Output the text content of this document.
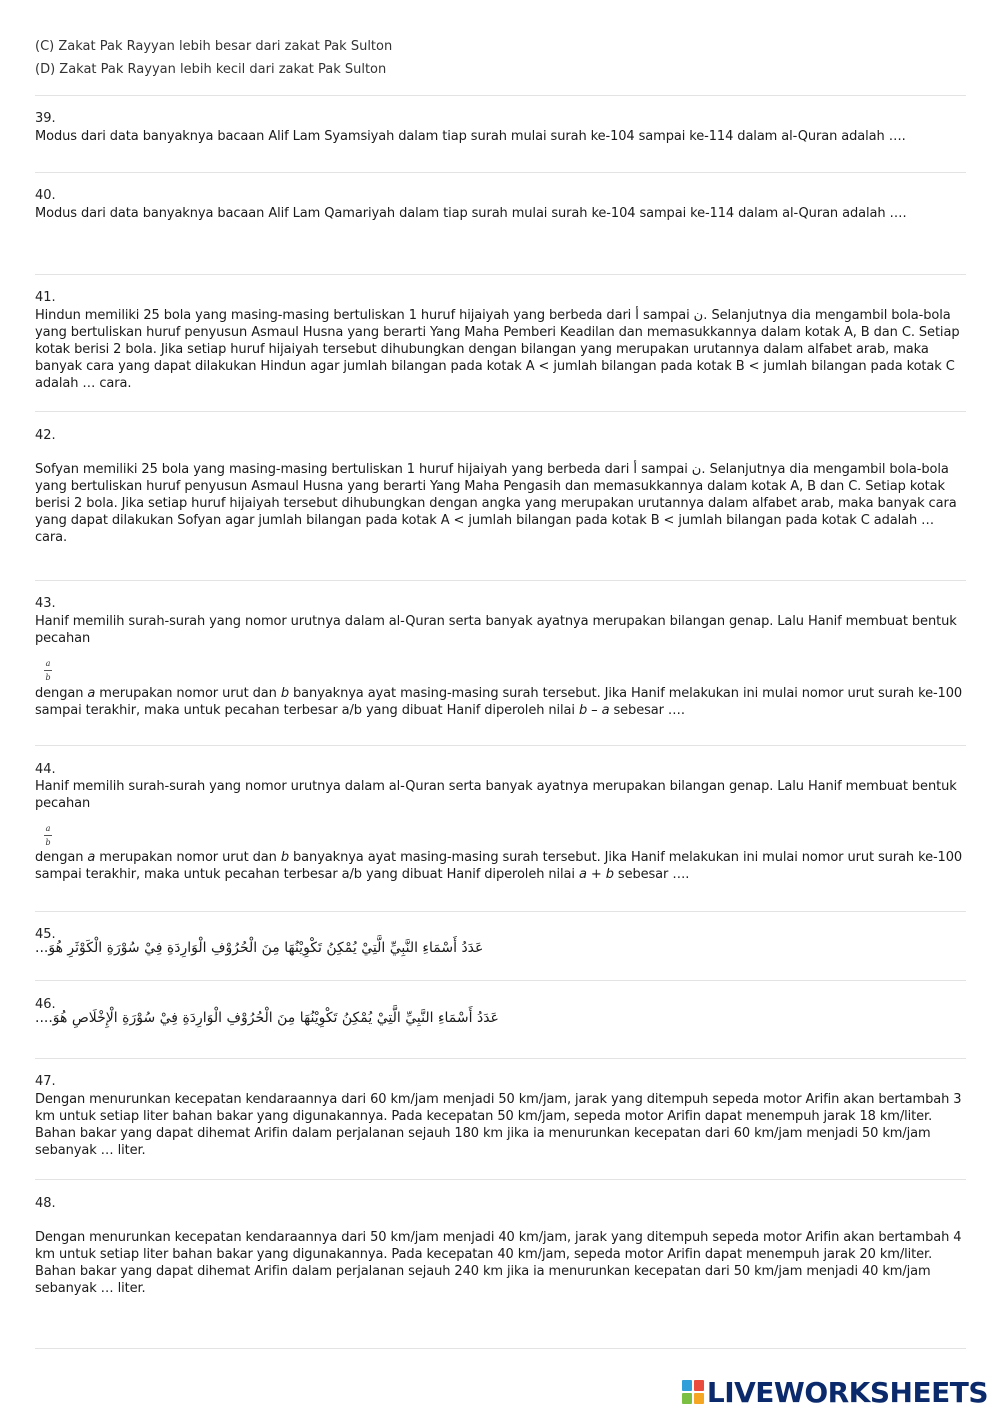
(C) Zakat Pak Rayyan lebih besar dari zakat Pak Sulton
(D) Zakat Pak Rayyan lebih kecil dari zakat Pak Sulton
39.
Modus dari data banyaknya bacaan Alif Lam Syamsiyah dalam tiap surah mulai surah ke-104 sampai ke-114 dalam al-Quran adalah ….
40.
Modus dari data banyaknya bacaan Alif Lam Qamariyah dalam tiap surah mulai surah ke-104 sampai ke-114 dalam al-Quran adalah ….
41.
Hindun memiliki 25 bola yang masing-masing bertuliskan 1 huruf hijaiyah yang berbeda dari أ sampai ن. Selanjutnya dia mengambil bola-bola yang bertuliskan huruf penyusun Asmaul Husna yang berarti Yang Maha Pemberi Keadilan dan memasukkannya dalam kotak A, B dan C. Setiap kotak berisi 2 bola. Jika setiap huruf hijaiyah tersebut dihubungkan dengan bilangan yang merupakan urutannya dalam alfabet arab, maka banyak cara yang dapat dilakukan Hindun agar jumlah bilangan pada kotak A < jumlah bilangan pada kotak B < jumlah bilangan pada kotak C adalah … cara.
42.
Sofyan memiliki 25 bola yang masing-masing bertuliskan 1 huruf hijaiyah yang berbeda dari أ sampai ن. Selanjutnya dia mengambil bola-bola yang bertuliskan huruf penyusun Asmaul Husna yang berarti Yang Maha Pengasih dan memasukkannya dalam kotak A, B dan C. Setiap kotak berisi 2 bola. Jika setiap huruf hijaiyah tersebut dihubungkan dengan angka yang merupakan urutannya dalam alfabet arab, maka banyak cara yang dapat dilakukan Sofyan agar jumlah bilangan pada kotak A < jumlah bilangan pada kotak B < jumlah bilangan pada kotak C adalah … cara.
43.
Hanif memilih surah-surah yang nomor urutnya dalam al-Quran serta banyak ayatnya merupakan bilangan genap. Lalu Hanif membuat bentuk pecahan
a
b
dengan a merupakan nomor urut dan b banyaknya ayat masing-masing surah tersebut. Jika Hanif melakukan ini mulai nomor urut surah ke-100 sampai terakhir, maka untuk pecahan terbesar a/b yang dibuat Hanif diperoleh nilai b – a sebesar ….
44.
Hanif memilih surah-surah yang nomor urutnya dalam al-Quran serta banyak ayatnya merupakan bilangan genap. Lalu Hanif membuat bentuk pecahan
a
b
dengan a merupakan nomor urut dan b banyaknya ayat masing-masing surah tersebut. Jika Hanif melakukan ini mulai nomor urut surah ke-100 sampai terakhir, maka untuk pecahan terbesar a/b yang dibuat Hanif diperoleh nilai a + b sebesar ….
45.
عَدَدُ أَسْمَاءِ النَّبِيِّ الَّتِيْ يُمْكِنُ تَكْوِيْنُهَا مِنَ الْحُرُوْفِ الْوَارِدَةِ فِيْ سُوْرَةِ الْكَوْثَرِ هُوَ...
46.
عَدَدُ أَسْمَاءِ النَّبِيِّ الَّتِيْ يُمْكِنُ تَكْوِيْنُهَا مِنَ الْحُرُوْفِ الْوَارِدَةِ فِيْ سُوْرَةِ الْإِخْلَاصِ هُوَ....
47.
Dengan menurunkan kecepatan kendaraannya dari 60 km/jam menjadi 50 km/jam, jarak yang ditempuh sepeda motor Arifin akan bertambah 3 km untuk setiap liter bahan bakar yang digunakannya. Pada kecepatan 50 km/jam, sepeda motor Arifin dapat menempuh jarak 18 km/liter. Bahan bakar yang dapat dihemat Arifin dalam perjalanan sejauh 180 km jika ia menurunkan kecepatan dari 60 km/jam menjadi 50 km/jam sebanyak … liter.
48.
Dengan menurunkan kecepatan kendaraannya dari 50 km/jam menjadi 40 km/jam, jarak yang ditempuh sepeda motor Arifin akan bertambah 4 km untuk setiap liter bahan bakar yang digunakannya. Pada kecepatan 40 km/jam, sepeda motor Arifin dapat menempuh jarak 20 km/liter. Bahan bakar yang dapat dihemat Arifin dalam perjalanan sejauh 240 km jika ia menurunkan kecepatan dari 50 km/jam menjadi 40 km/jam sebanyak … liter.
LIVEWORKSHEETS
